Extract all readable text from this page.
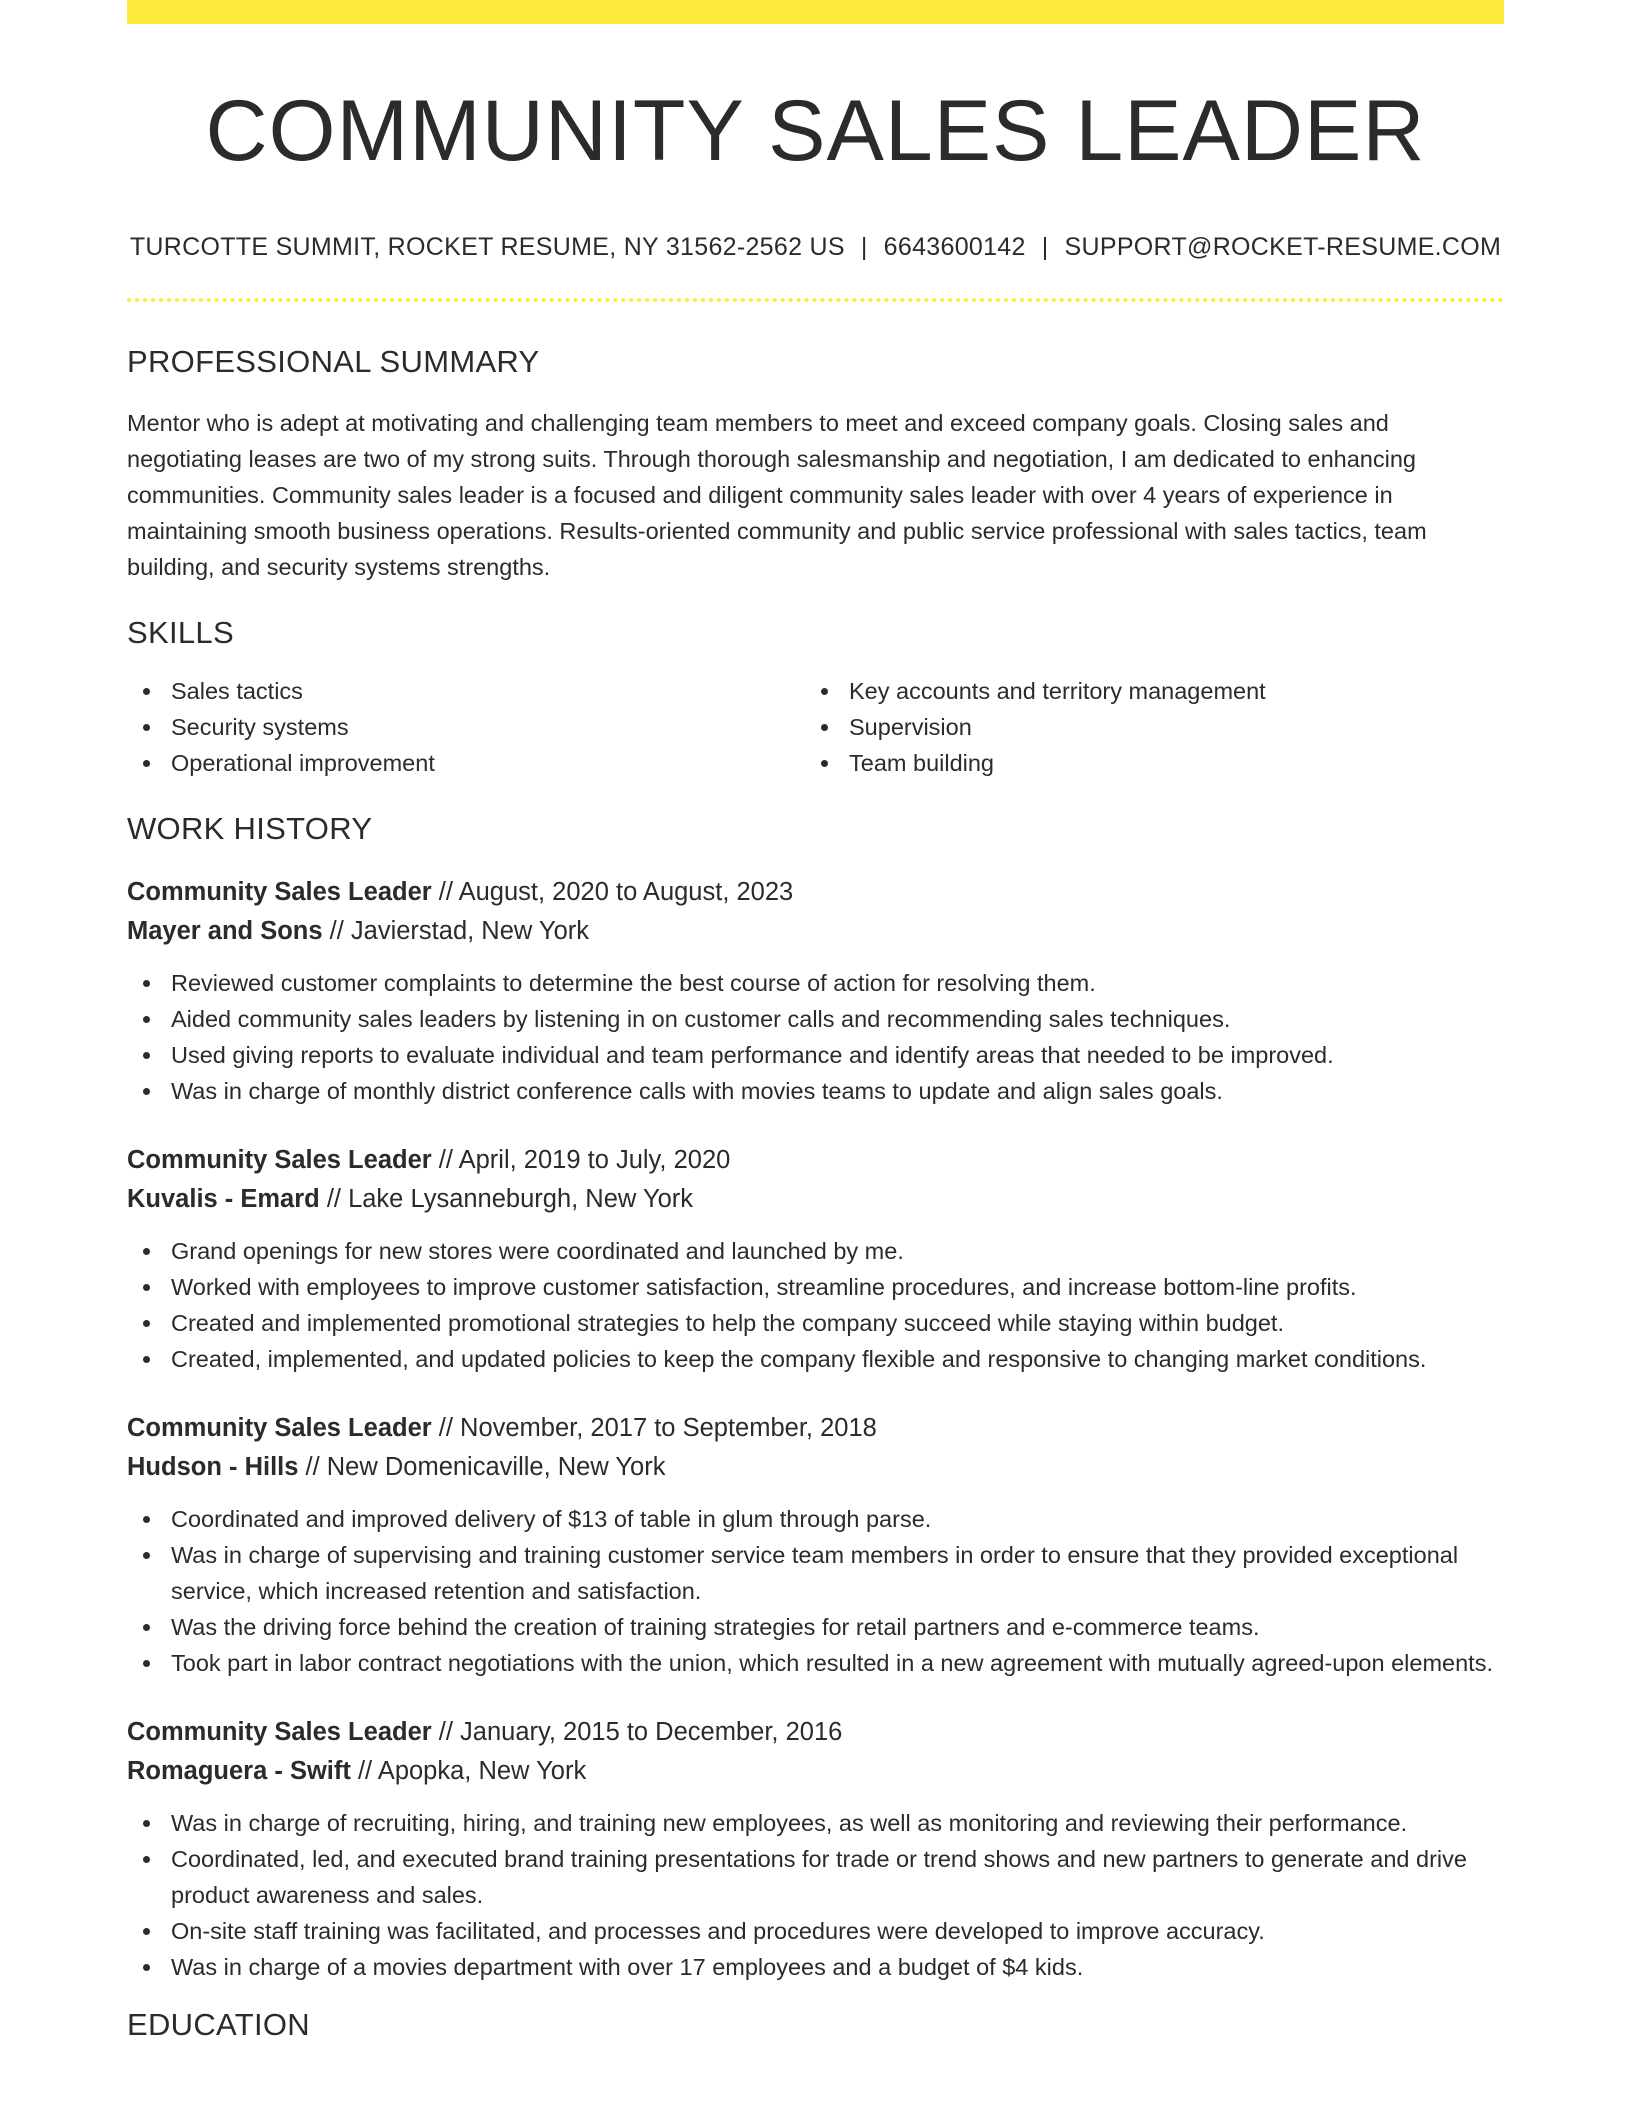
COMMUNITY SALES LEADER
TURCOTTE SUMMIT, ROCKET RESUME, NY 31562-2562 US | 6643600142 | SUPPORT@ROCKET-RESUME.COM
PROFESSIONAL SUMMARY
Mentor who is adept at motivating and challenging team members to meet and exceed company goals. Closing sales and negotiating leases are two of my strong suits. Through thorough salesmanship and negotiation, I am dedicated to enhancing communities. Community sales leader is a focused and diligent community sales leader with over 4 years of experience in maintaining smooth business operations. Results-oriented community and public service professional with sales tactics, team building, and security systems strengths.
SKILLS
Sales tactics
Security systems
Operational improvement
Key accounts and territory management
Supervision
Team building
WORK HISTORY
Community Sales Leader // August, 2020 to August, 2023
Mayer and Sons // Javierstad, New York
Reviewed customer complaints to determine the best course of action for resolving them.
Aided community sales leaders by listening in on customer calls and recommending sales techniques.
Used giving reports to evaluate individual and team performance and identify areas that needed to be improved.
Was in charge of monthly district conference calls with movies teams to update and align sales goals.
Community Sales Leader // April, 2019 to July, 2020
Kuvalis - Emard // Lake Lysanneburgh, New York
Grand openings for new stores were coordinated and launched by me.
Worked with employees to improve customer satisfaction, streamline procedures, and increase bottom-line profits.
Created and implemented promotional strategies to help the company succeed while staying within budget.
Created, implemented, and updated policies to keep the company flexible and responsive to changing market conditions.
Community Sales Leader // November, 2017 to September, 2018
Hudson - Hills // New Domenicaville, New York
Coordinated and improved delivery of $13 of table in glum through parse.
Was in charge of supervising and training customer service team members in order to ensure that they provided exceptional service, which increased retention and satisfaction.
Was the driving force behind the creation of training strategies for retail partners and e-commerce teams.
Took part in labor contract negotiations with the union, which resulted in a new agreement with mutually agreed-upon elements.
Community Sales Leader // January, 2015 to December, 2016
Romaguera - Swift // Apopka, New York
Was in charge of recruiting, hiring, and training new employees, as well as monitoring and reviewing their performance.
Coordinated, led, and executed brand training presentations for trade or trend shows and new partners to generate and drive product awareness and sales.
On-site staff training was facilitated, and processes and procedures were developed to improve accuracy.
Was in charge of a movies department with over 17 employees and a budget of $4 kids.
EDUCATION
